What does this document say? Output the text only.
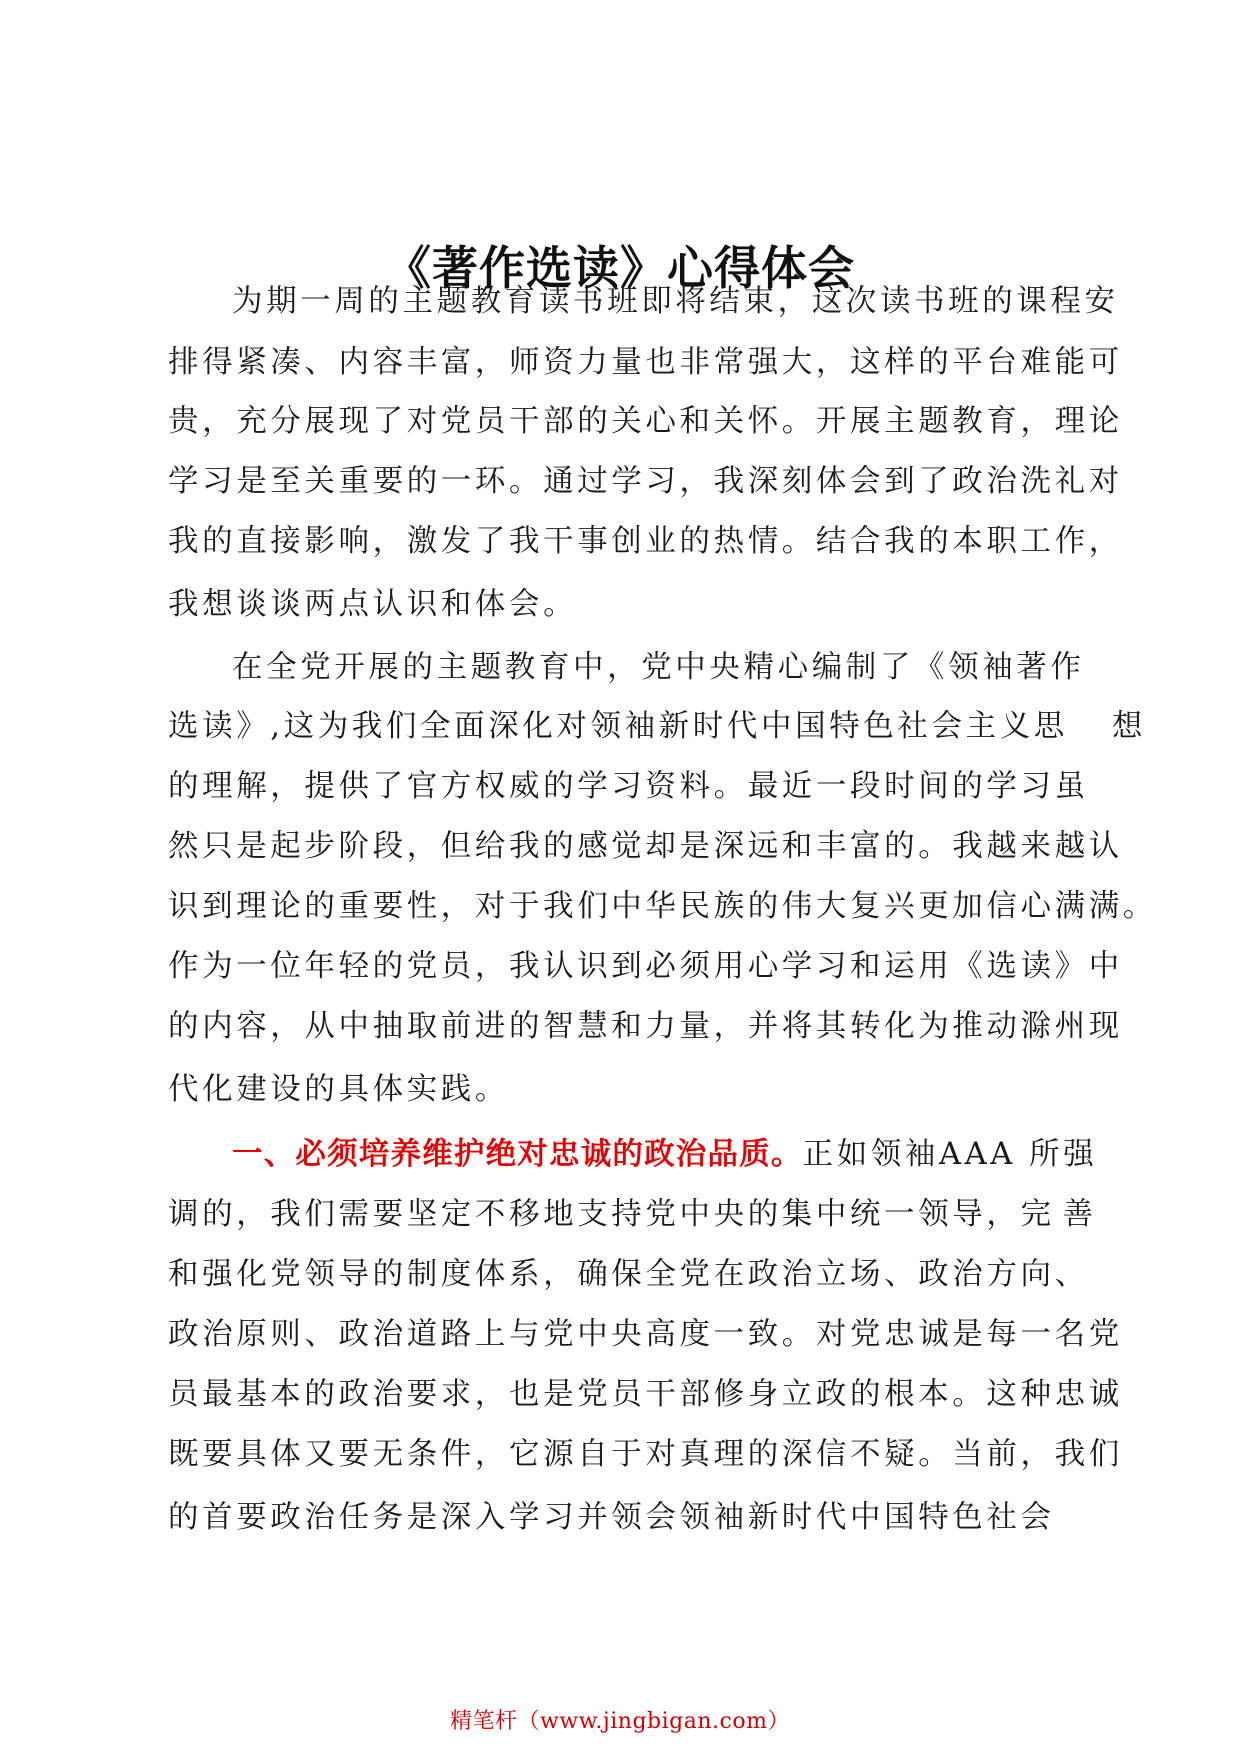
《著作选读》心得体会
为期一周的主题教育读书班即将结束，这次读书班的课程安
排得紧凑、内容丰富，师资力量也非常强大，这样的平台难能可
贵，充分展现了对党员干部的关心和关怀。开展主题教育，理论
学习是至关重要的一环。通过学习，我深刻体会到了政治洗礼对
我的直接影响，激发了我干事创业的热情。结合我的本职工作，
我想谈谈两点认识和体会。
在全党开展的主题教育中，党中央精心编制了《领袖著作
选读》,这为我们全面深化对领袖新时代中国特色社会主义思 想
的理解，提供了官方权威的学习资料。最近一段时间的学习虽
然只是起步阶段，但给我的感觉却是深远和丰富的。我越来越认
识到理论的重要性，对于我们中华民族的伟大复兴更加信心满满。
作为一位年轻的党员，我认识到必须用心学习和运用《选读》中
的内容，从中抽取前进的智慧和力量，并将其转化为推动滁州现
代化建设的具体实践。
一、必须培养维护绝对忠诚的政治品质。正如领袖AAA 所强
调的，我们需要坚定不移地支持党中央的集中统一领导，完 善
和强化党领导的制度体系，确保全党在政治立场、政治方向、
政治原则、政治道路上与党中央高度一致。对党忠诚是每一名党
员最基本的政治要求，也是党员干部修身立政的根本。这种忠诚
既要具体又要无条件，它源自于对真理的深信不疑。当前，我们
的首要政治任务是深入学习并领会领袖新时代中国特色社会
精笔杆（www.jingbigan.com）
